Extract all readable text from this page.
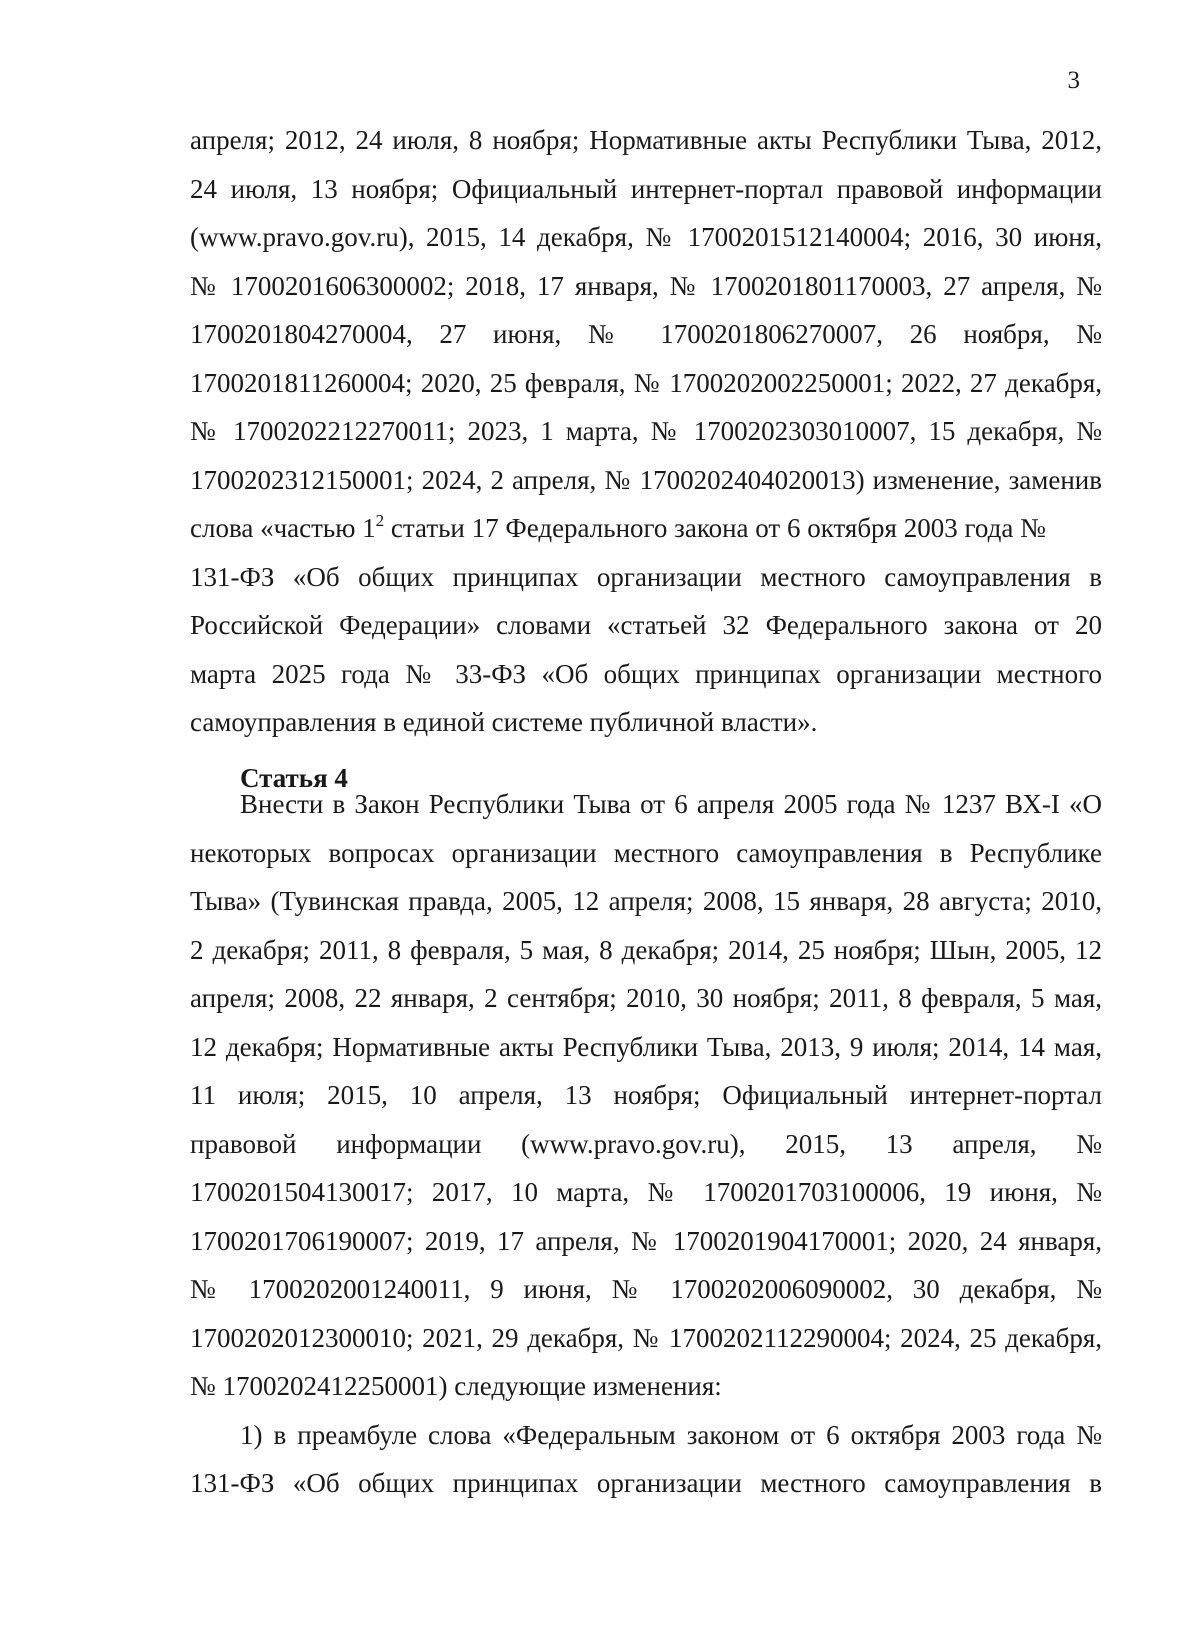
3
апреля; 2012, 24 июля, 8 ноября; Нормативные акты Республики Тыва, 2012,
24 июля, 13 ноября; Официальный интернет-портал правовой информации
(www.pravo.gov.ru), 2015, 14 декабря, № 1700201512140004; 2016, 30 июня,
№ 1700201606300002; 2018, 17 января, № 1700201801170003, 27 апреля, №
1700201804270004, 27 июня, № 1700201806270007, 26 ноября, №
1700201811260004; 2020, 25 февраля, № 1700202002250001; 2022, 27 декабря,
№ 1700202212270011; 2023, 1 марта, № 1700202303010007, 15 декабря, №
1700202312150001; 2024, 2 апреля, № 1700202404020013) изменение, заменив
слова «частью $1^2$ статьи 17 Федерального закона от 6 октября 2003 года №
131-ФЗ «Об общих принципах организации местного самоуправления в
Российской Федерации» словами «статьей 32 Федерального закона от 20
марта 2025 года № 33-ФЗ «Об общих принципах организации местного
самоуправления в единой системе публичной власти».
Статья 4
Внести в Закон Республики Тыва от 6 апреля 2005 года № 1237 ВХ-I «О
некоторых вопросах организации местного самоуправления в Республике
Тыва» (Тувинская правда, 2005, 12 апреля; 2008, 15 января, 28 августа; 2010,
2 декабря; 2011, 8 февраля, 5 мая, 8 декабря; 2014, 25 ноября; Шын, 2005, 12
апреля; 2008, 22 января, 2 сентября; 2010, 30 ноября; 2011, 8 февраля, 5 мая,
12 декабря; Нормативные акты Республики Тыва, 2013, 9 июля; 2014, 14 мая,
11 июля; 2015, 10 апреля, 13 ноября; Официальный интернет-портал
правовой информации (www.pravo.gov.ru), 2015, 13 апреля, №
1700201504130017; 2017, 10 марта, № 1700201703100006, 19 июня, №
1700201706190007; 2019, 17 апреля, № 1700201904170001; 2020, 24 января,
№ 1700202001240011, 9 июня, № 1700202006090002, 30 декабря, №
1700202012300010; 2021, 29 декабря, № 1700202112290004; 2024, 25 декабря,
№ 1700202412250001) следующие изменения:
1) в преамбуле слова «Федеральным законом от 6 октября 2003 года №
131-ФЗ «Об общих принципах организации местного самоуправления в
